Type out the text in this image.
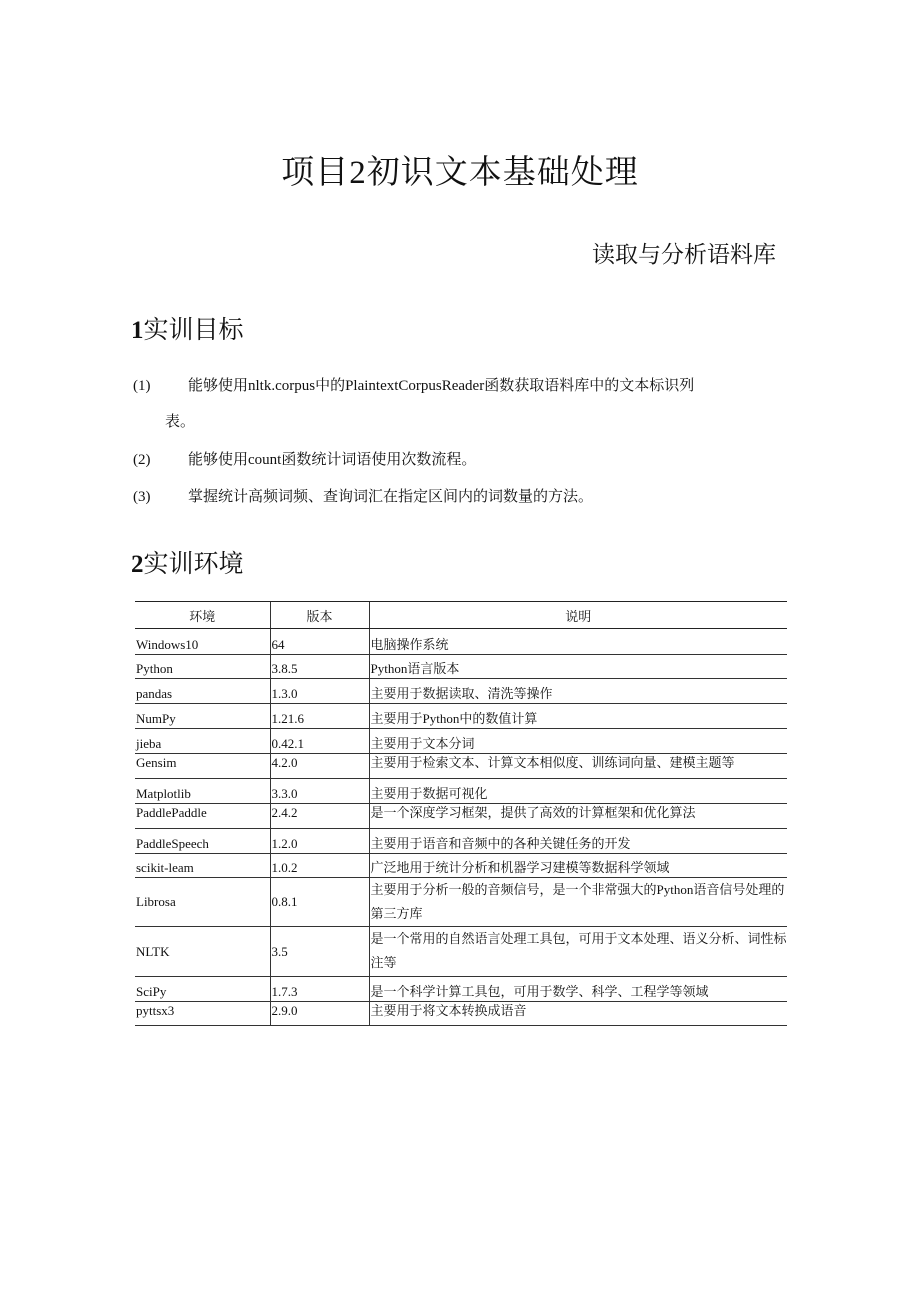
项目2初识文本基础处理
读取与分析语料库
1实训目标
(1)	能够使用nltk.corpus中的PlaintextCorpusReader函数获取语料库中的文本标识列
表。
(2)	能够使用count函数统计词语使用次数流程。
(3)	掌握统计高频词频、查询词汇在指定区间内的词数量的方法。
2实训环境
环境	版本	说明
Windows10	64	电脑操作系统
Python	3.8.5	Python语言版本
pandas	1.3.0	主要用于数据读取、清洗等操作
NumPy	1.21.6	主要用于Python中的数值计算
jieba	0.42.1	主要用于文本分词
Gensim	4.2.0	主要用于检索文本、计算文本相似度、训练词向量、建模主题等
Matplotlib	3.3.0	主要用于数据可视化
PaddlePaddle	2.4.2	是一个深度学习框架，提供了高效的计算框架和优化算法
PaddleSpeech	1.2.0	主要用于语音和音频中的各种关键任务的开发
scikit-leam	1.0.2	广泛地用于统计分析和机器学习建模等数据科学领域
Librosa	0.8.1	主要用于分析一般的音频信号，是一个非常强大的Python语音信号处理的第三方库
NLTK	3.5	是一个常用的自然语言处理工具包，可用于文本处理、语义分析、词性标注等
SciPy	1.7.3	是一个科学计算工具包，可用于数学、科学、工程学等领域
pyttsx3	2.9.0	主要用于将文本转换成语音
